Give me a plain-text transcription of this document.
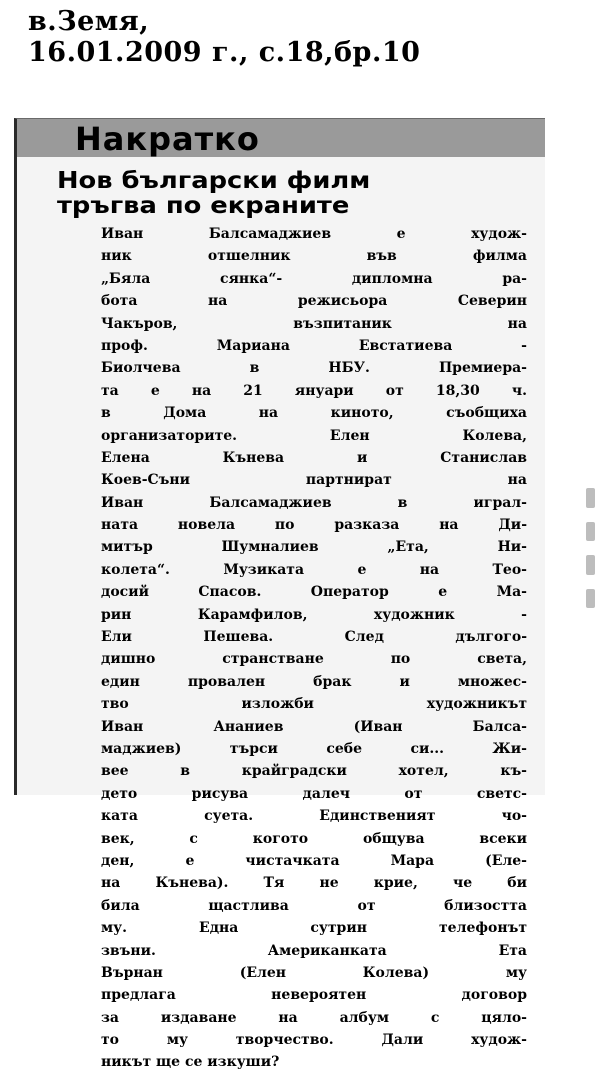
в.Земя,
16.01.2009 г., с.18,бр.10
Накратко
Нов български филм
тръгва по екраните
Иван Балсамаджиев е худож-
ник отшелник във филма
„Бяла сянка“- дипломна ра-
бота на режисьора Северин
Чакъров, възпитаник на
проф. Мариана Евстатиева -
Биолчева в НБУ. Премиера-
та е на 21 януари от 18,30 ч.
в Дома на киното, съобщиха
организаторите. Елен Колева,
Елена Кънева и Станислав
Коев-Съни партнират на
Иван Балсамаджиев в играл-
ната новела по разказа на Ди-
митър Шумналиев „Ета, Ни-
колета“. Музиката е на Тео-
досий Спасов. Оператор е Ма-
рин Карамфилов, художник -
Ели Пешева. След дългого-
дишно странстване по света,
един провален брак и множес-
тво изложби художникът
Иван Ананиев (Иван Балса-
маджиев) търси себе си... Жи-
вее в крайградски хотел, къ-
дето рисува далеч от светс-
ката суета. Единственият чо-
век, с когото общува всеки
ден, е чистачката Мара (Еле-
на Кънева). Тя не крие, че би
била щастлива от близостта
му. Една сутрин телефонът
звъни. Американката Ета
Върнан (Елен Колева) му
предлага невероятен договор
за издаване на албум с цяло-
то му творчество. Дали худож-
никът ще се изкуши?
